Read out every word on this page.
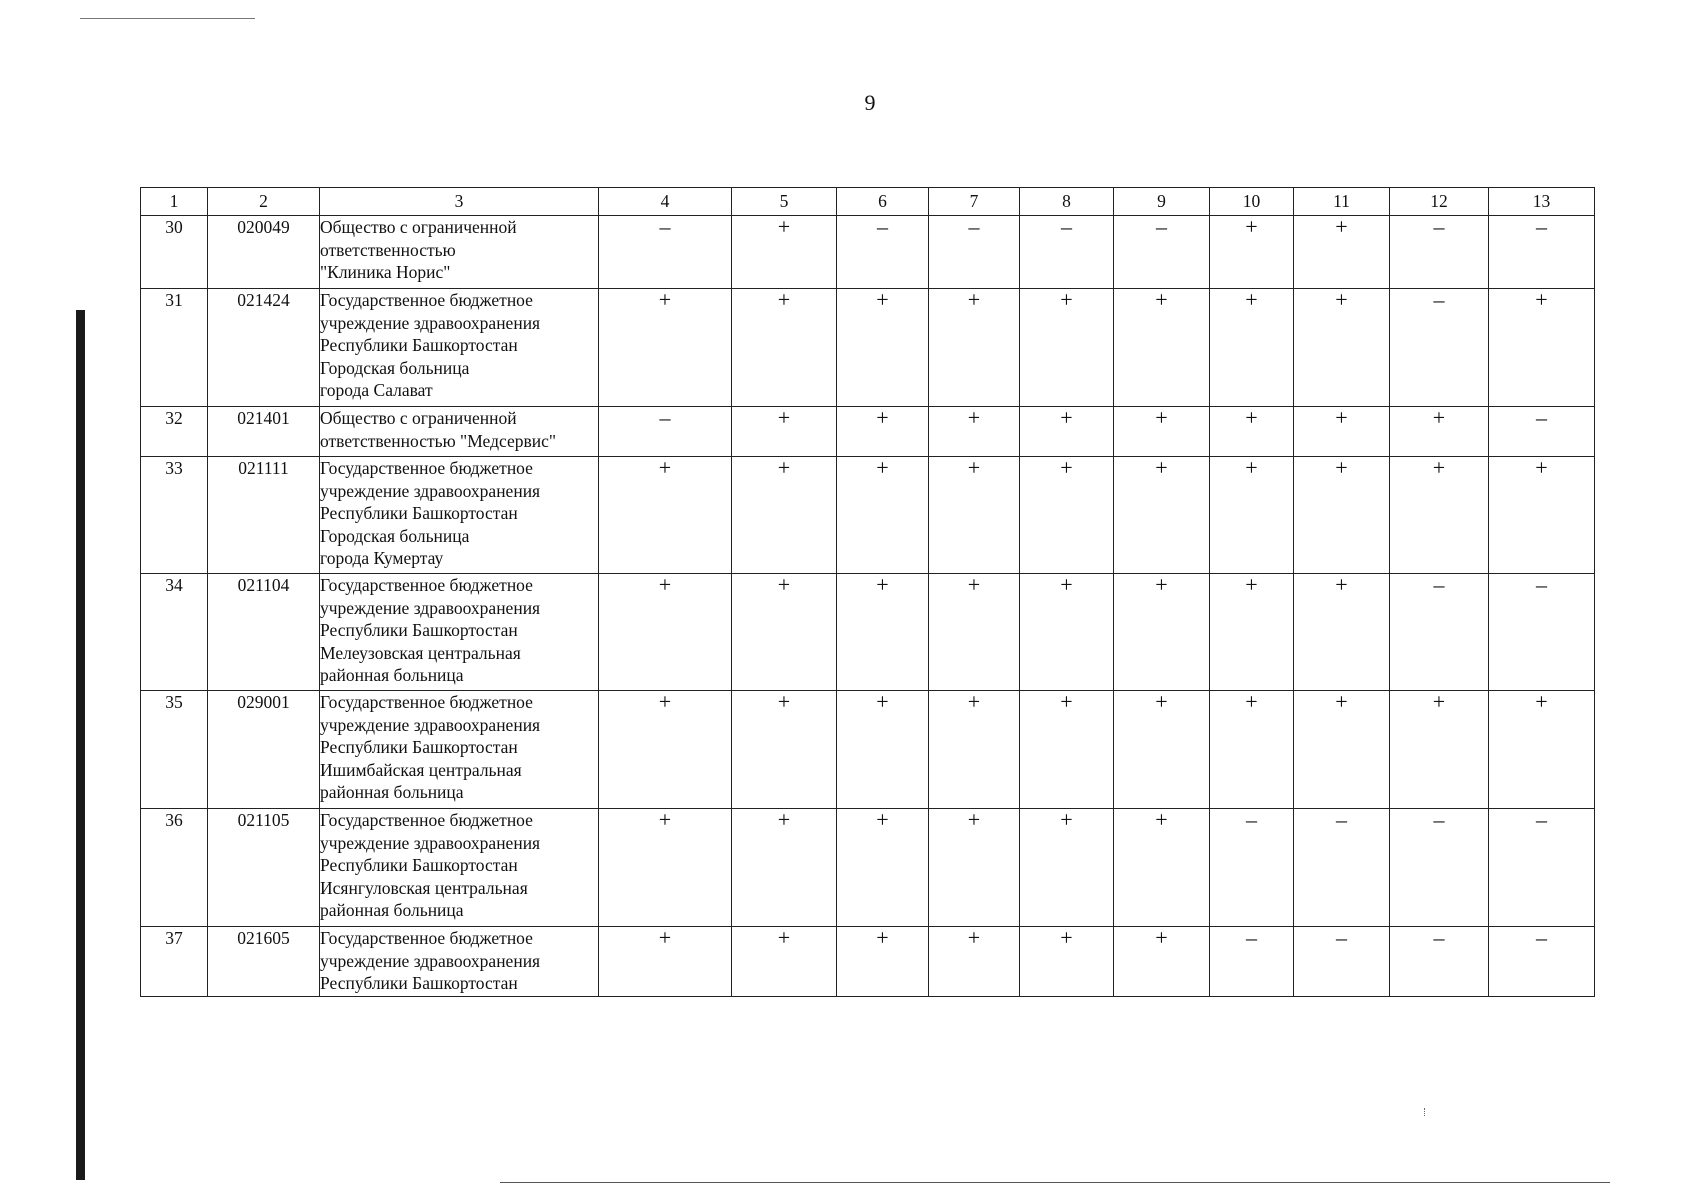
9
1	2	3	4	5	6	7	8	9	10	11	12	13
30	020049	Общество с ограниченной
ответственностью
"Клиника Норис"	–	+	–	–	–	–	+	+	–	–
31	021424	Государственное бюджетное
учреждение здравоохранения
Республики Башкортостан
Городская больница
города Салават	+	+	+	+	+	+	+	+	–	+
32	021401	Общество с ограниченной
ответственностью "Медсервис"	–	+	+	+	+	+	+	+	+	–
33	021111	Государственное бюджетное
учреждение здравоохранения
Республики Башкортостан
Городская больница
города Кумертау	+	+	+	+	+	+	+	+	+	+
34	021104	Государственное бюджетное
учреждение здравоохранения
Республики Башкортостан
Мелеузовская центральная
районная больница	+	+	+	+	+	+	+	+	–	–
35	029001	Государственное бюджетное
учреждение здравоохранения
Республики Башкортостан
Ишимбайская центральная
районная больница	+	+	+	+	+	+	+	+	+	+
36	021105	Государственное бюджетное
учреждение здравоохранения
Республики Башкортостан
Исянгуловская центральная
районная больница	+	+	+	+	+	+	–	–	–	–
37	021605	Государственное бюджетное
учреждение здравоохранения
Республики Башкортостан	+	+	+	+	+	+	–	–	–	–
